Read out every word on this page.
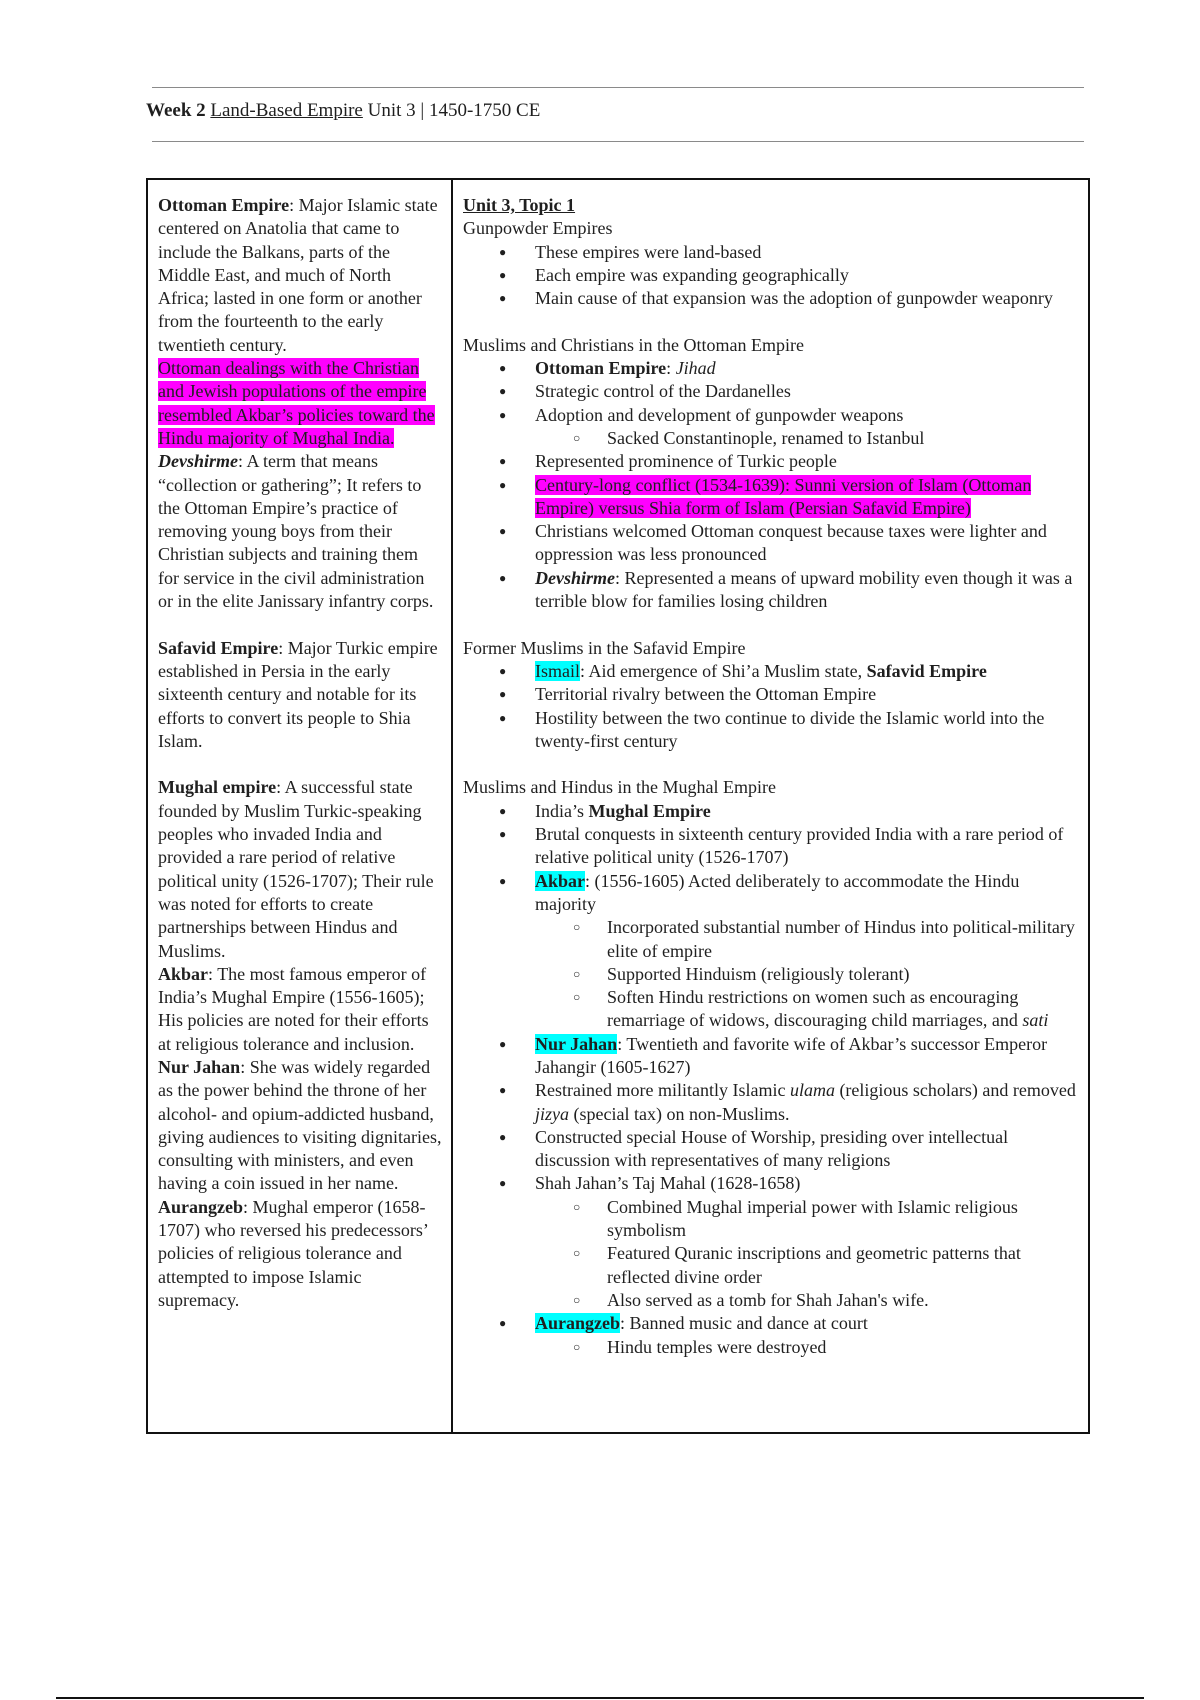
Week 2 Land-Based Empire Unit 3 | 1450-1750 CE

Ottoman Empire: Major Islamic state centered on Anatolia that came to include the Balkans, parts of the Middle East, and much of North Africa; lasted in one form or another from the fourteenth to the early twentieth century.

Ottoman dealings with the Christian and Jewish populations of the empire resembled Akbar’s policies toward the Hindu majority of Mughal India.

Devshirme: A term that means “collection or gathering”; It refers to the Ottoman Empire’s practice of removing young boys from their Christian subjects and training them for service in the civil administration or in the elite Janissary infantry corps.

Safavid Empire: Major Turkic empire established in Persia in the early sixteenth century and notable for its efforts to convert its people to Shia Islam.

Mughal empire: A successful state founded by Muslim Turkic-speaking peoples who invaded India and provided a rare period of relative political unity (1526-1707); Their rule was noted for efforts to create partnerships between Hindus and Muslims.

Akbar: The most famous emperor of India’s Mughal Empire (1556-1605); His policies are noted for their efforts at religious tolerance and inclusion.

Nur Jahan: She was widely regarded as the power behind the throne of her alcohol- and opium-addicted husband, giving audiences to visiting dignitaries, consulting with ministers, and even having a coin issued in her name.

Aurangzeb: Mughal emperor (1658-1707) who reversed his predecessors’ policies of religious tolerance and attempted to impose Islamic supremacy.

Unit 3, Topic 1

Gunpowder Empires

● These empires were land-based
● Each empire was expanding geographically
● Main cause of that expansion was the adoption of gunpowder weaponry

Muslims and Christians in the Ottoman Empire

● Ottoman Empire: Jihad
● Strategic control of the Dardanelles
● Adoption and development of gunpowder weapons
○ Sacked Constantinople, renamed to Istanbul
● Represented prominence of Turkic people
● Century-long conflict (1534-1639): Sunni version of Islam (Ottoman Empire) versus Shia form of Islam (Persian Safavid Empire)
● Christians welcomed Ottoman conquest because taxes were lighter and oppression was less pronounced
● Devshirme: Represented a means of upward mobility even though it was a terrible blow for families losing children

Former Muslims in the Safavid Empire

● Ismail: Aid emergence of Shi’a Muslim state, Safavid Empire
● Territorial rivalry between the Ottoman Empire
● Hostility between the two continue to divide the Islamic world into the twenty-first century

Muslims and Hindus in the Mughal Empire

● India’s Mughal Empire
● Brutal conquests in sixteenth century provided India with a rare period of relative political unity (1526-1707)
● Akbar: (1556-1605) Acted deliberately to accommodate the Hindu majority
○ Incorporated substantial number of Hindus into political-military elite of empire
○ Supported Hinduism (religiously tolerant)
○ Soften Hindu restrictions on women such as encouraging remarriage of widows, discouraging child marriages, and sati
● Nur Jahan: Twentieth and favorite wife of Akbar’s successor Emperor Jahangir (1605-1627)
● Restrained more militantly Islamic ulama (religious scholars) and removed jizya (special tax) on non-Muslims.
● Constructed special House of Worship, presiding over intellectual discussion with representatives of many religions
● Shah Jahan’s Taj Mahal (1628-1658)
○ Combined Mughal imperial power with Islamic religious symbolism
○ Featured Quranic inscriptions and geometric patterns that reflected divine order
○ Also served as a tomb for Shah Jahan's wife.
● Aurangzeb: Banned music and dance at court
○ Hindu temples were destroyed
